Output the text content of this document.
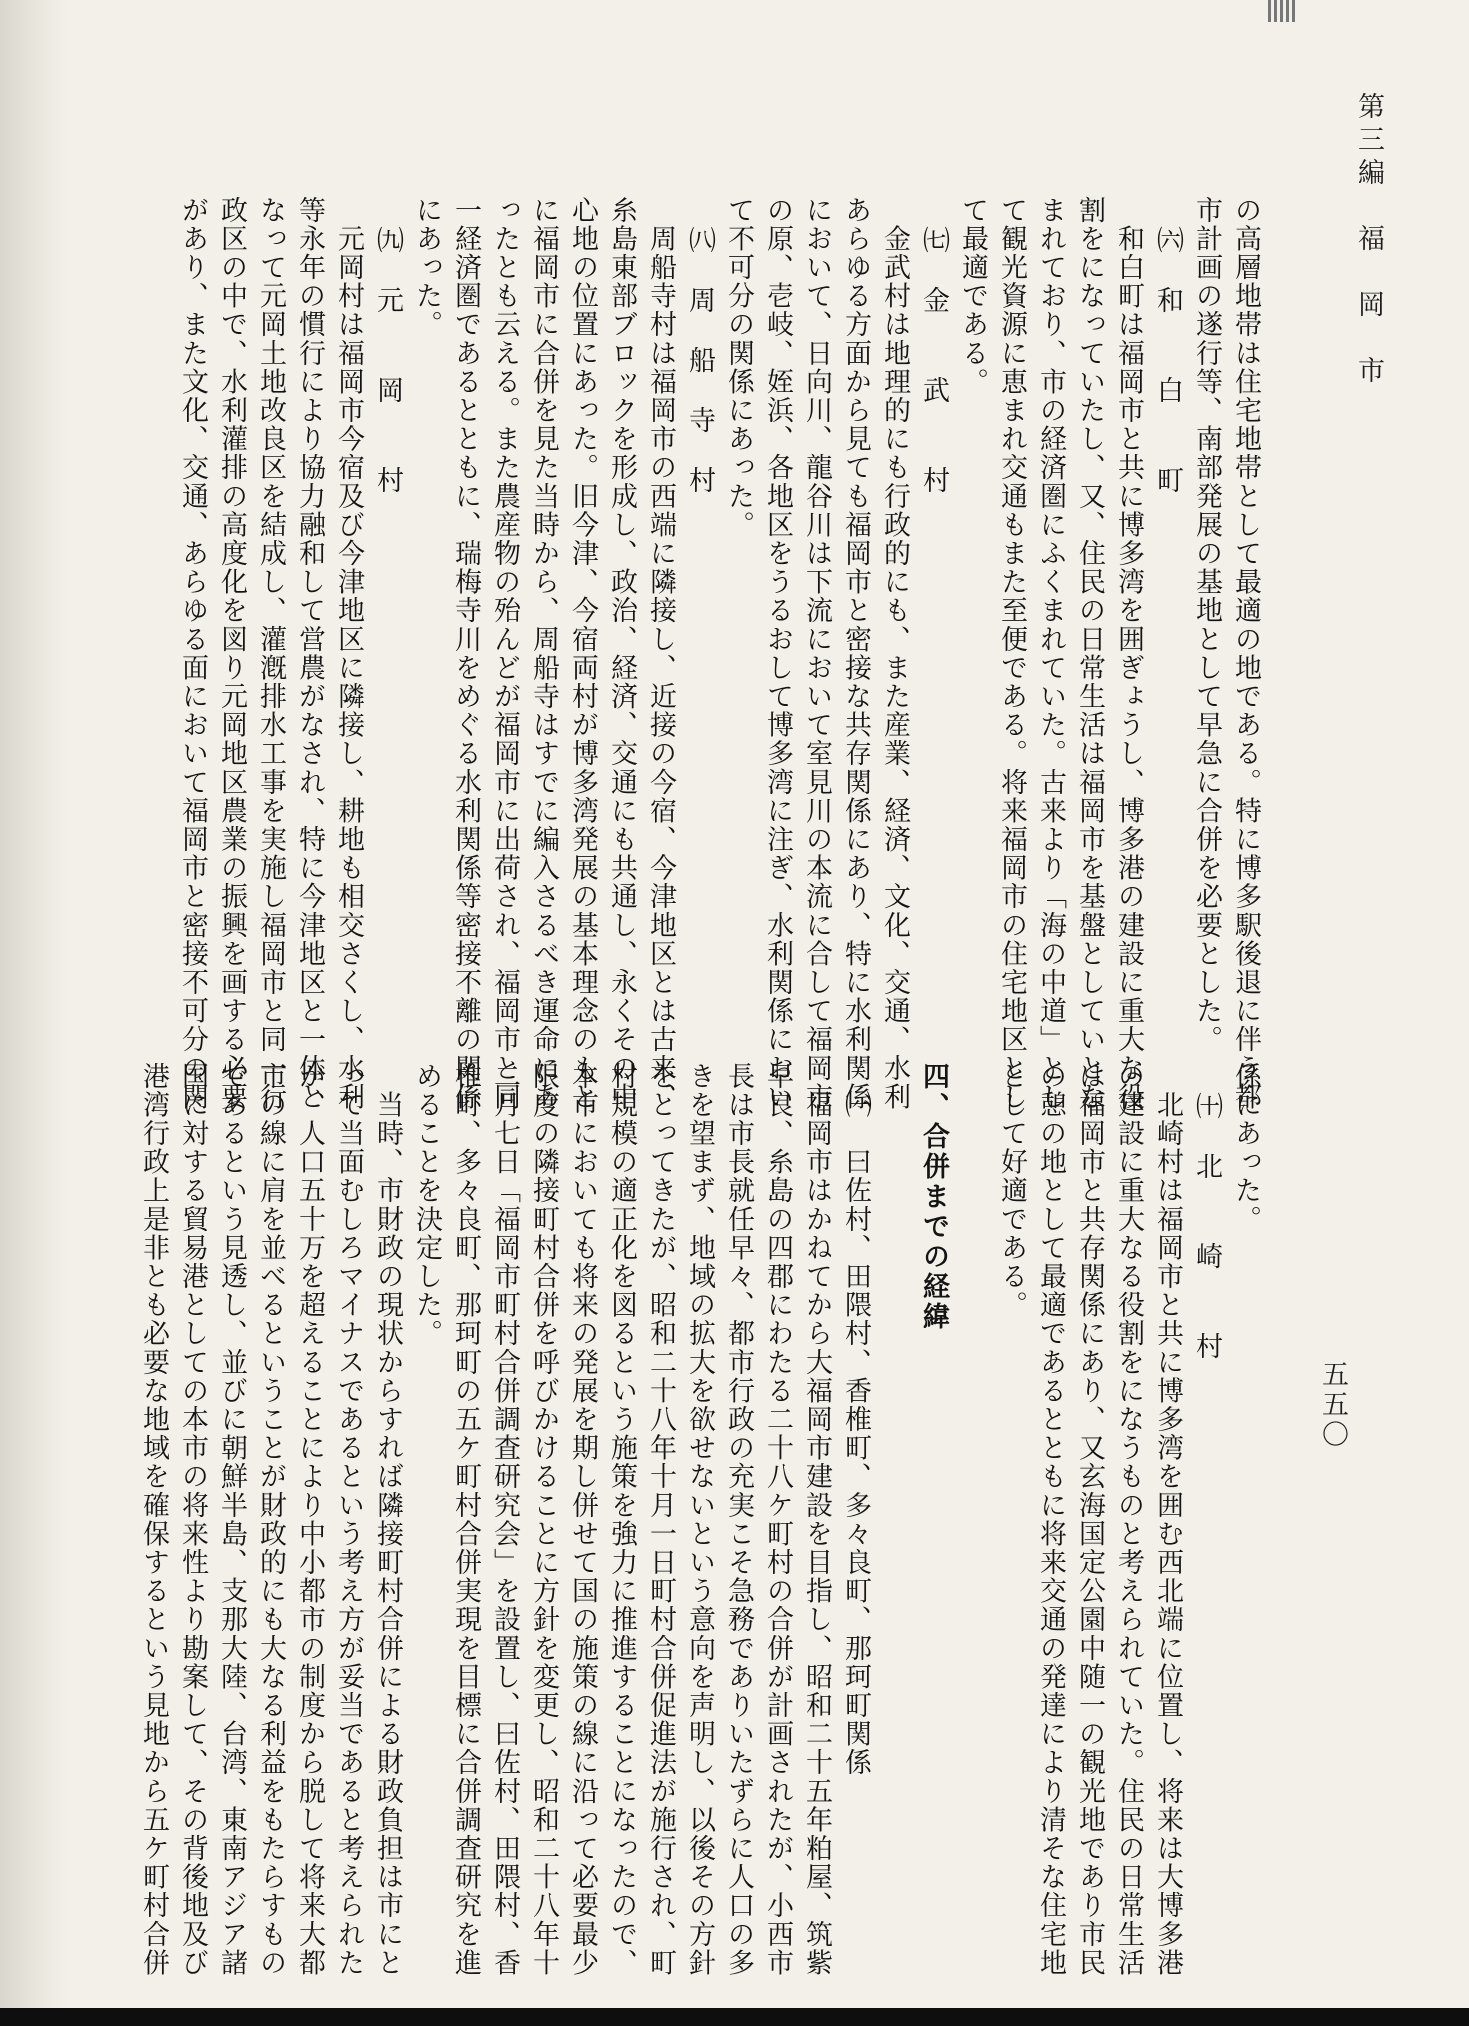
第三編　福　岡　市
五五〇
の高層地帯は住宅地帯として最適の地である。特に博多駅後退に伴う都
市計画の遂行等、南部発展の基地として早急に合併を必要とした。
　㈥　和　　白　　町
　和白町は福岡市と共に博多湾を囲ぎょうし、博多港の建設に重大な役
割をになっていたし、又、住民の日常生活は福岡市を基盤としていとな
まれており、市の経済圏にふくまれていた。古来より「海の中道」とし
て観光資源に恵まれ交通もまた至便である。将来福岡市の住宅地区とし
て最適である。
　㈦　金　　武　　村
　金武村は地理的にも行政的にも、また産業、経済、文化、交通、水利
あらゆる方面から見ても福岡市と密接な共存関係にあり、特に水利関係
において、日向川、龍谷川は下流において室見川の本流に合して福岡市
の原、壱岐、姪浜、各地区をうるおして博多湾に注ぎ、水利関係におい
て不可分の関係にあった。
　㈧　周　船　寺　村
　周船寺村は福岡市の西端に隣接し、近接の今宿、今津地区とは古来、
糸島東部ブロックを形成し、政治、経済、交通にも共通し、永くその中
心地の位置にあった。旧今津、今宿両村が博多湾発展の基本理念のもと
に福岡市に合併を見た当時から、周船寺はすでに編入さるべき運命にあ
ったとも云える。また農産物の殆んどが福岡市に出荷され、福岡市と同
一経済圏であるとともに、瑞梅寺川をめぐる水利関係等密接不離の関係
にあった。
　㈨　元　　岡　　村
　元岡村は福岡市今宿及び今津地区に隣接し、耕地も相交さくし、水利
等永年の慣行により協力融和して営農がなされ、特に今津地区と一体と
なって元岡土地改良区を結成し、灌漑排水工事を実施し福岡市と同一行
政区の中で、水利灌排の高度化を図り元岡地区農業の振興を画する必要
があり、また文化、交通、あらゆる面において福岡市と密接不可分の関
係にあった。
　㈩　北　　崎　　村
　北崎村は福岡市と共に博多湾を囲む西北端に位置し、将来は大博多港
の建設に重大なる役割をになうものと考えられていた。住民の日常生活
は福岡市と共存関係にあり、又玄海国定公園中随一の観光地であり市民
の憩の地として最適であるとともに将来交通の発達により清そな住宅地
として好適である。

四、合併までの経緯

　㈠　曰佐村、田隈村、香椎町、多々良町、那珂町関係
　福岡市はかねてから大福岡市建設を目指し、昭和二十五年粕屋、筑紫
早良、糸島の四郡にわたる二十八ケ町村の合併が計画されたが、小西市
長は市長就任早々、都市行政の充実こそ急務でありいたずらに人口の多
きを望まず、地域の拡大を欲せないという意向を声明し、以後その方針
をとってきたが、昭和二十八年十月一日町村合併促進法が施行され、町
村規模の適正化を図るという施策を強力に推進することになったので、
本市においても将来の発展を期し併せて国の施策の線に沿って必要最少
限度の隣接町村合併を呼びかけることに方針を変更し、昭和二十八年十
二月七日「福岡市町村合併調査研究会」を設置し、曰佐村、田隈村、香
椎町、多々良町、那珂町の五ケ町村合併実現を目標に合併調査研究を進
めることを決定した。
　当時、市財政の現状からすれば隣接町村合併による財政負担は市にと
って当面むしろマイナスであるという考え方が妥当であると考えられた
が、人口五十万を超えることにより中小都市の制度から脱して将来大都
市の線に肩を並べるということが財政的にも大なる利益をもたらすもの
であるという見透し、並びに朝鮮半島、支那大陸、台湾、東南アジア諸
国に対する貿易港としての本市の将来性より勘案して、その背後地及び
港湾行政上是非とも必要な地域を確保するという見地から五ケ町村合併
